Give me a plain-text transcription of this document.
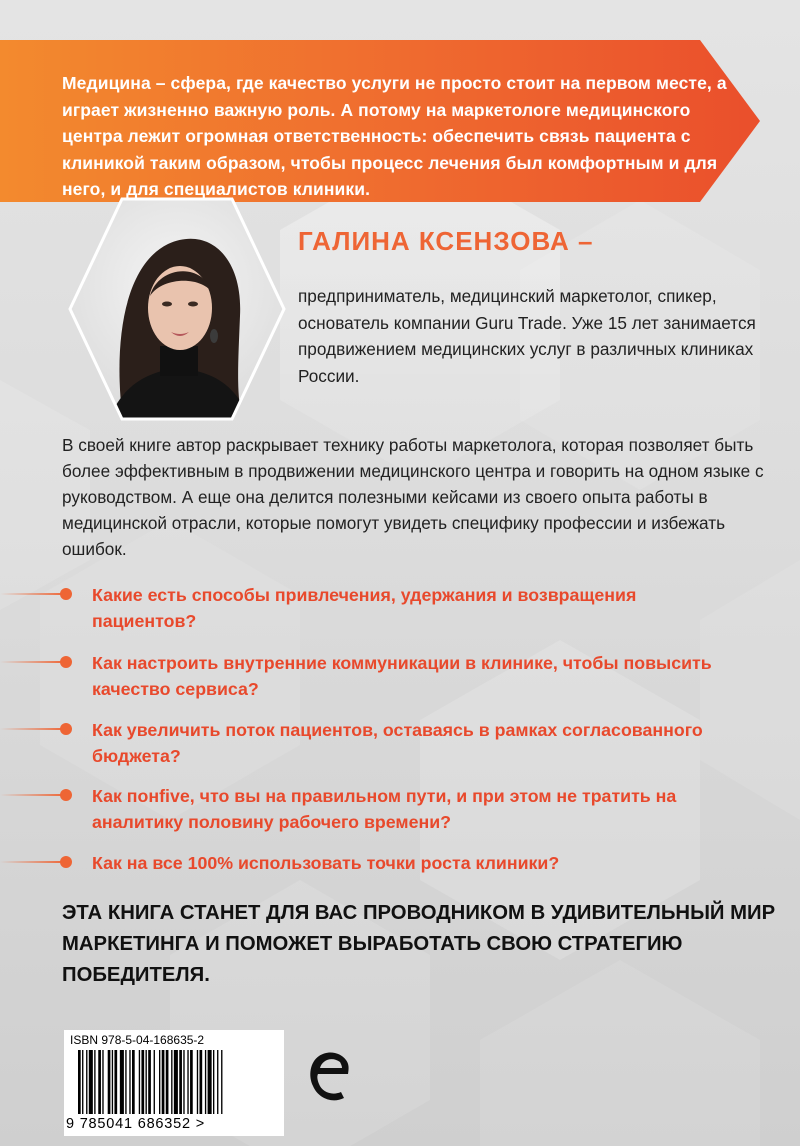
Медицина – сфера, где качество услуги не просто стоит на первом месте, а играет жизненно важную роль. А потому на маркетологе медицинского центра лежит огромная ответственность: обеспечить связь пациента с клиникой таким образом, чтобы процесс лечения был комфортным и для него, и для специалистов клиники.
ГАЛИНА КСЕНЗОВА –
предприниматель, медицинский маркетолог, спикер, основатель компании Guru Trade. Уже 15 лет занимается продвижением медицинских услуг в различных клиниках России.
В своей книге автор раскрывает технику работы маркетолога, которая позволяет быть более эффективным в продвижении медицинского центра и говорить на одном языке с руководством. А еще она делится полезными кейсами из своего опыта работы в медицинской отрасли, которые помогут увидеть специфику профессии и избежать ошибок.
Какие есть способы привлечения, удержания и возвращения пациентов?
Как настроить внутренние коммуникации в клинике, чтобы повысить качество сервиса?
Как увеличить поток пациентов, оставаясь в рамках согласованного бюджета?
Как понfive, что вы на правильном пути, и при этом не тратить на аналитику половину рабочего времени?
Как на все 100% использовать точки роста клиники?
ЭТА КНИГА СТАНЕТ ДЛЯ ВАС ПРОВОДНИКОМ В УДИВИТЕЛЬНЫЙ МИР МАРКЕТИНГА И ПОМОЖЕТ ВЫРАБОТАТЬ СВОЮ СТРАТЕГИЮ ПОБЕДИТЕЛЯ.
ISBN 978-5-04-168635-2
9 785041 686352 >
